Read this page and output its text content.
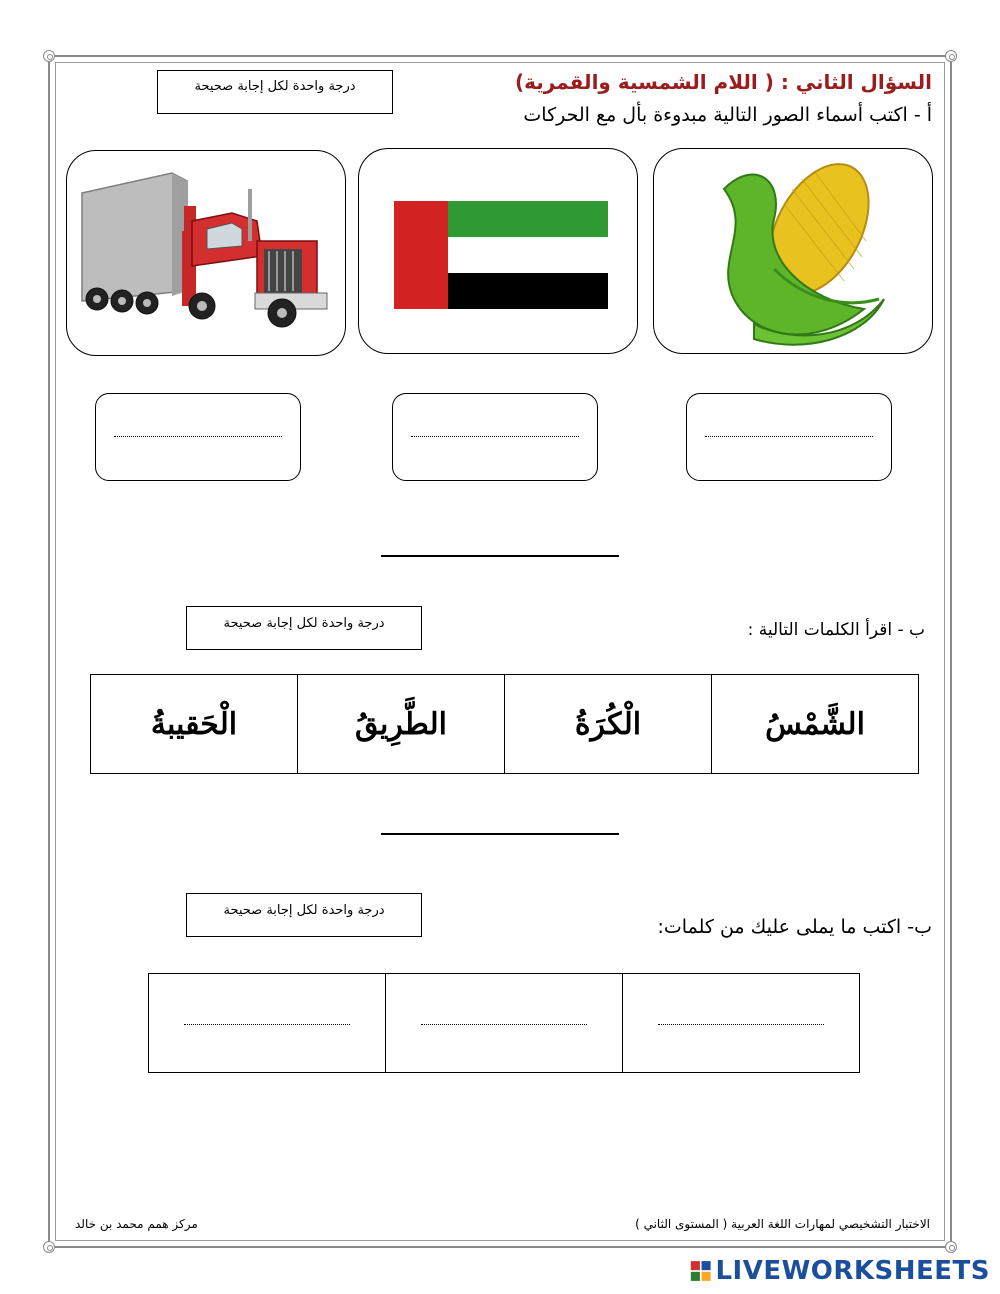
درجة واحدة لكل إجابة صحيحة	السؤال الثاني : ( اللام الشمسية والقمرية)
أ - اكتب أسماء الصور التالية مبدوءة بأل مع الحركات
درجة واحدة لكل إجابة صحيحة	ب - اقرأ الكلمات التالية :
الْحَقيبةُ	الطَّرِيقُ	الْكُرَةُ	الشَّمْسُ
درجة واحدة لكل إجابة صحيحة
ب- اكتب ما يملى عليك من كلمات:

الاختبار التشخيصي لمهارات اللغة العربية ( المستوى الثاني )
مركز همم محمد بن خالد
LIVEWORKSHEETS
